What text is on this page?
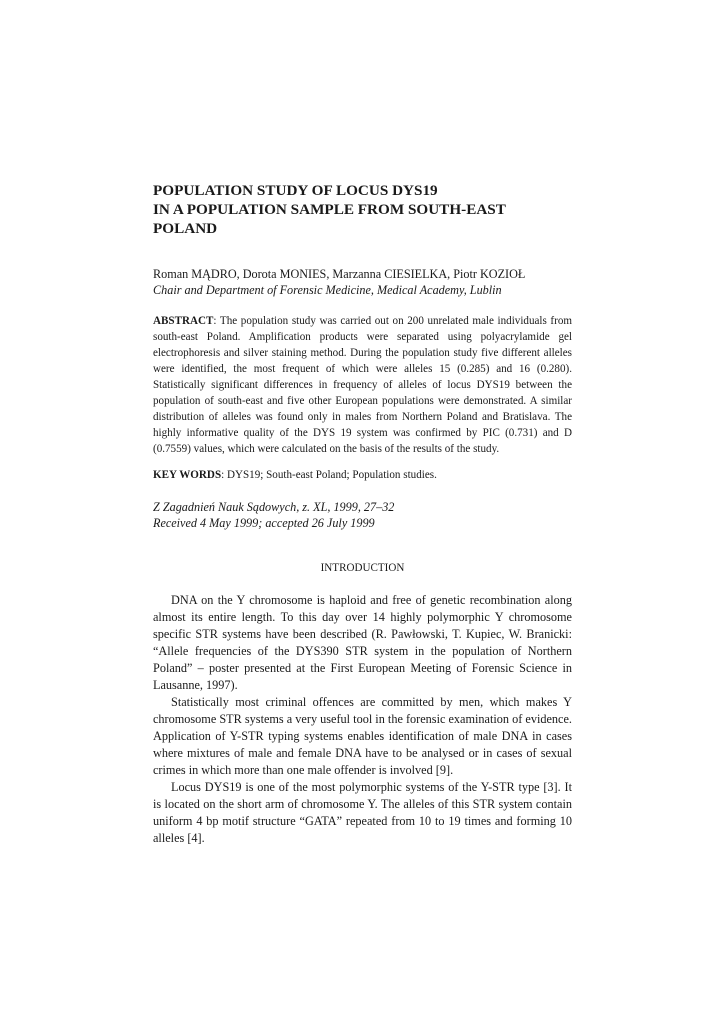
POPULATION STUDY OF LOCUS DYS19
IN A POPULATION SAMPLE FROM SOUTH-EAST
POLAND
Roman MĄDRO, Dorota MONIES, Marzanna CIESIELKA, Piotr KOZIOŁ
Chair and Department of Forensic Medicine, Medical Academy, Lublin
ABSTRACT: The population study was carried out on 200 unrelated male individuals from south-east Poland. Amplification products were separated using polyacrylamide gel electrophoresis and silver staining method. During the population study five different alleles were identified, the most frequent of which were alleles 15 (0.285) and 16 (0.280). Statistically significant differences in frequency of alleles of locus DYS19 between the population of south-east and five other European populations were demonstrated. A similar distribution of alleles was found only in males from Northern Poland and Bratislava. The highly informative quality of the DYS 19 system was confirmed by PIC (0.731) and D (0.7559) values, which were calculated on the basis of the results of the study.
KEY WORDS: DYS19; South-east Poland; Population studies.
Z Zagadnień Nauk Sądowych, z. XL, 1999, 27–32
Received 4 May 1999; accepted 26 July 1999
INTRODUCTION

DNA on the Y chromosome is haploid and free of genetic recombination along almost its entire length. To this day over 14 highly polymorphic Y chromosome specific STR systems have been described (R. Pawłowski, T. Kupiec, W. Branicki: “Allele frequencies of the DYS390 STR system in the population of Northern Poland” – poster presented at the First European Meeting of Forensic Science in Lausanne, 1997).

Statistically most criminal offences are committed by men, which makes Y chromosome STR systems a very useful tool in the forensic examination of evidence. Application of Y-STR typing systems enables identification of male DNA in cases where mixtures of male and female DNA have to be analysed or in cases of sexual crimes in which more than one male offender is involved [9].

Locus DYS19 is one of the most polymorphic systems of the Y-STR type [3]. It is located on the short arm of chromosome Y. The alleles of this STR system contain uniform 4 bp motif structure “GATA” repeated from 10 to 19 times and forming 10 alleles [4].
